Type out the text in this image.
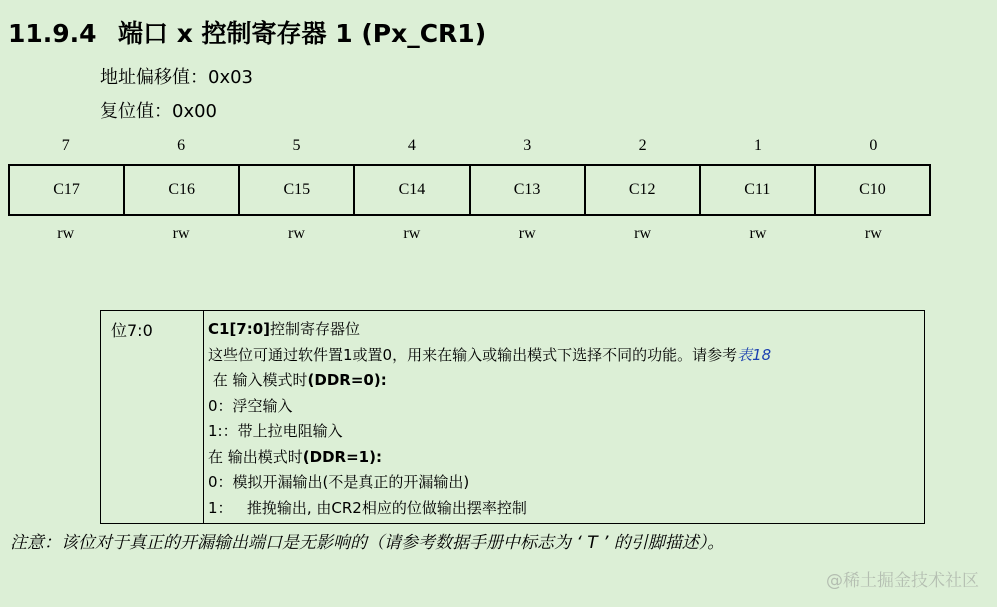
11.9.4 端口 x 控制寄存器 1 (Px_CR1)
地址偏移值：0x03
复位值：0x00
7	6	5	4	3	2	1	0
C17	C16	C15	C14	C13	C12	C11	C10
rw	rw	rw	rw	rw	rw	rw	rw
位7:0	C1[7:0]控制寄存器位
这些位可通过软件置1或置0，用来在输入或输出模式下选择不同的功能。请参考表18
在 输入模式时(DDR=0):
0：浮空输入
1:：带上拉电阻输入
在 输出模式时(DDR=1):
0：模拟开漏输出(不是真正的开漏输出)
1：   推挽输出, 由CR2相应的位做输出摆率控制
注意：该位对于真正的开漏输出端口是无影响的（请参考数据手册中标志为 ‘ T ’ 的引脚描述）。
@稀土掘金技术社区
